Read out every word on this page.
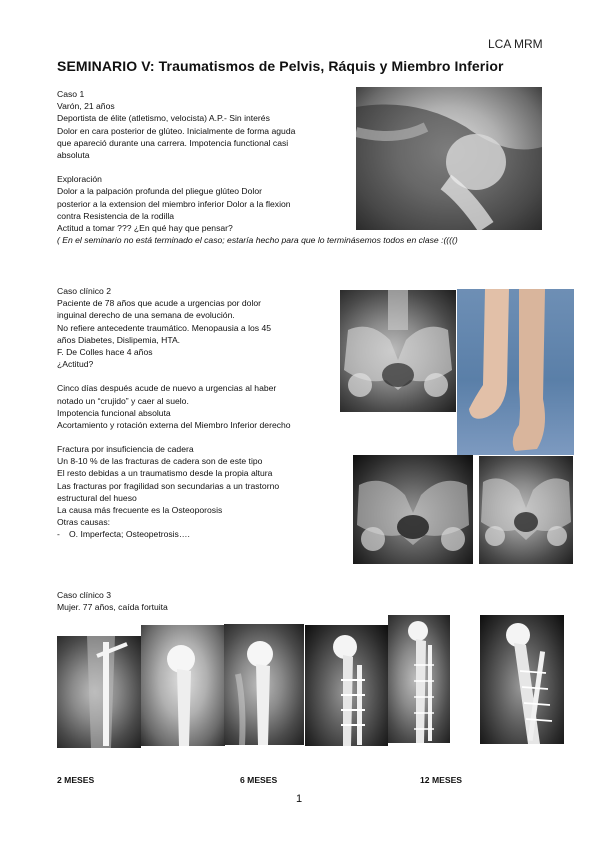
LCA MRM
SEMINARIO V: Traumatismos de Pelvis, Ráquis y Miembro Inferior
Caso 1
Varón, 21 años
Deportista de élite (atletismo, velocista) A.P.- Sin interés
Dolor en cara posterior de glúteo. Inicialmente de forma aguda
que apareció durante una carrera. Impotencia functional casi
absoluta
Exploración
Dolor a la palpación profunda del pliegue glúteo Dolor
posterior a la extension del miembro inferior Dolor a la flexion
contra Resistencia de la rodilla
Actitud a tomar ??? ¿En qué hay que pensar?
( En el seminario no está terminado el caso; estaría hecho para que lo terminásemos todos en clase :(((()
Caso clínico 2
Paciente de 78 años que acude a urgencias por dolor
inguinal derecho de una semana de evolución.
No refiere antecedente traumático. Menopausia a los 45
años Diabetes, Dislipemia, HTA.
F. De Colles hace 4 años
¿Actitud?
Cinco días después acude de nuevo a urgencias al haber
notado un “crujido” y caer al suelo.
Impotencia funcional absoluta
Acortamiento y rotación externa del Miembro Inferior derecho
Fractura por insuficiencia de cadera
Un 8-10 % de las fracturas de cadera son de este tipo
El resto debidas a un traumatismo desde la propia altura
Las fracturas por fragilidad son secundarias a un trastorno
estructural del hueso
La causa más frecuente es la Osteoporosis
Otras causas:
- O. Imperfecta; Osteopetrosis….
Caso clínico 3
Mujer. 77 años, caída fortuita
2 MESES	6 MESES	12 MESES
1
